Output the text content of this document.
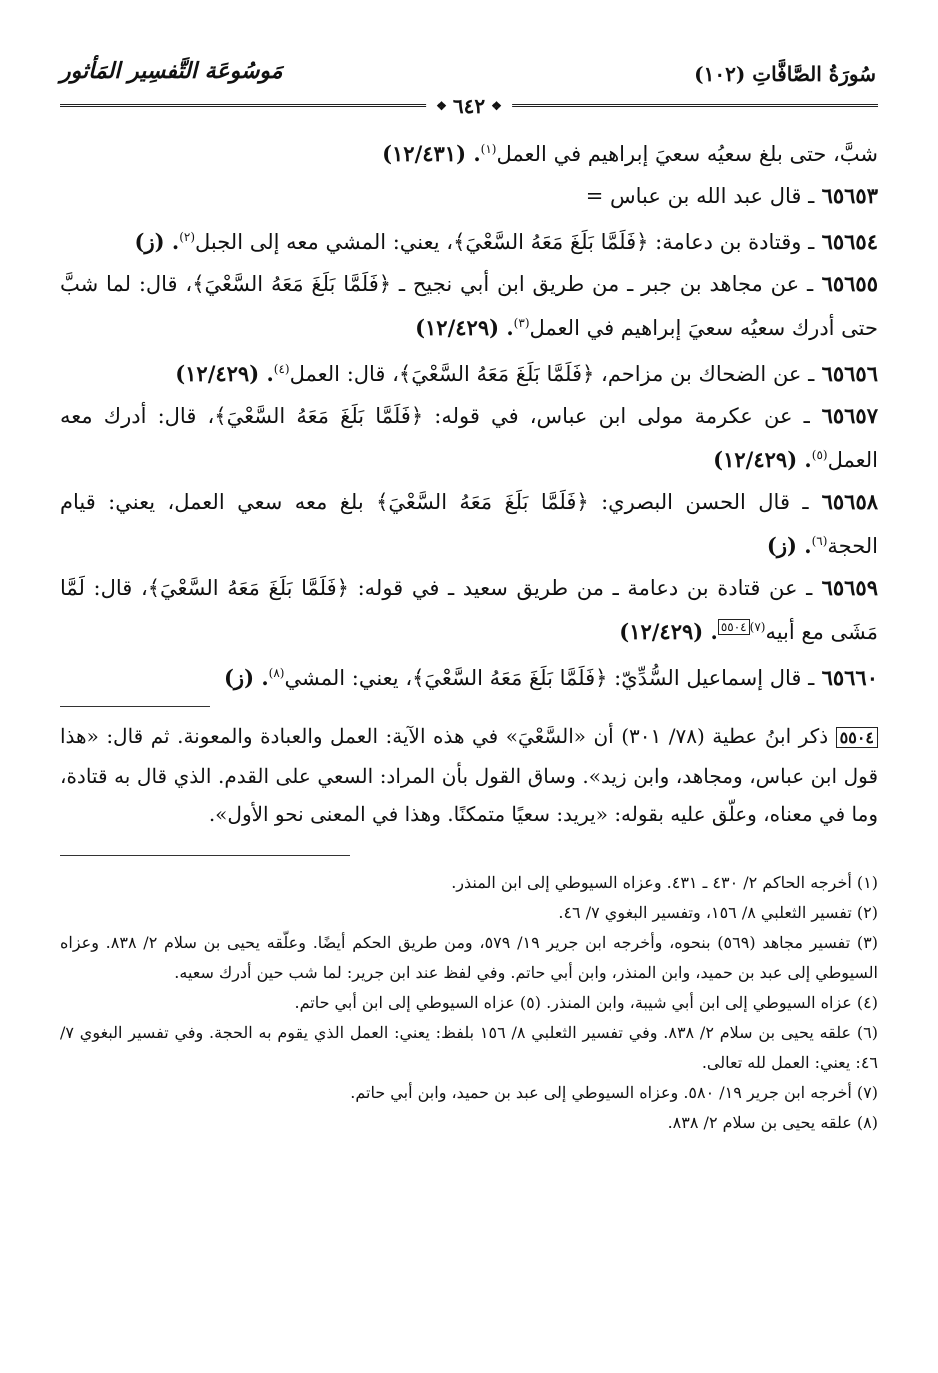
سُورَةُ الصَّافَّاتِ (١٠٢)
مَوسُوعَة التَّفسِير المَأثور
❖
٦٤٢
❖
شبَّ، حتى بلغ سعيُه سعيَ إبراهيم في العمل$^{(١)}$. (١٢/٤٣١)
٦٥٦٥٣ ـ قال عبد الله بن عباس =
٦٥٦٥٤ ـ وقتادة بن دعامة: ﴿فَلَمَّا بَلَغَ مَعَهُ السَّعْيَ﴾، يعني: المشي معه إلى الجبل$^{(٢)}$. (ز)
٦٥٦٥٥ ـ عن مجاهد بن جبر ـ من طريق ابن أبي نجيح ـ ﴿فَلَمَّا بَلَغَ مَعَهُ السَّعْيَ﴾، قال: لما شبَّ حتى أدرك سعيُه سعيَ إبراهيم في العمل$^{(٣)}$. (١٢/٤٢٩)
٦٥٦٥٦ ـ عن الضحاك بن مزاحم، ﴿فَلَمَّا بَلَغَ مَعَهُ السَّعْيَ﴾، قال: العمل$^{(٤)}$. (١٢/٤٢٩)
٦٥٦٥٧ ـ عن عكرمة مولى ابن عباس، في قوله: ﴿فَلَمَّا بَلَغَ مَعَهُ السَّعْيَ﴾، قال: أدرك معه العمل$^{(٥)}$. (١٢/٤٢٩)
٦٥٦٥٨ ـ قال الحسن البصري: ﴿فَلَمَّا بَلَغَ مَعَهُ السَّعْيَ﴾ بلغ معه سعي العمل، يعني: قيام الحجة$^{(٦)}$. (ز)
٦٥٦٥٩ ـ عن قتادة بن دعامة ـ من طريق سعيد ـ في قوله: ﴿فَلَمَّا بَلَغَ مَعَهُ السَّعْيَ﴾، قال: لَمَّا مَشَى مع أبيه$^{(٧)٥٥٠٤}$. (١٢/٤٢٩)
٦٥٦٦٠ ـ قال إسماعيل السُّدِّيّ: ﴿فَلَمَّا بَلَغَ مَعَهُ السَّعْيَ﴾، يعني: المشي$^{(٨)}$. (ز)
٥٥٠٤ ذكر ابنُ عطية (٧٨/ ٣٠١) أن «السَّعْيَ» في هذه الآية: العمل والعبادة والمعونة. ثم قال: «هذا قول ابن عباس، ومجاهد، وابن زيد». وساق القول بأن المراد: السعي على القدم. الذي قال به قتادة، وما في معناه، وعلّق عليه بقوله: «يريد: سعيًا متمكنًا. وهذا في المعنى نحو الأول».

(١) أخرجه الحاكم ٢/ ٤٣٠ ـ ٤٣١. وعزاه السيوطي إلى ابن المنذر.

(٢) تفسير الثعلبي ٨/ ١٥٦، وتفسير البغوي ٧/ ٤٦.

(٣) تفسير مجاهد (٥٦٩) بنحوه، وأخرجه ابن جرير ١٩/ ٥٧٩، ومن طريق الحكم أيضًا. وعلّقه يحيى بن سلام ٢/ ٨٣٨. وعزاه السيوطي إلى عبد بن حميد، وابن المنذر، وابن أبي حاتم. وفي لفظ عند ابن جرير: لما شب حين أدرك سعيه.

(٤) عزاه السيوطي إلى ابن أبي شيبة، وابن المنذر. (٥) عزاه السيوطي إلى ابن أبي حاتم.

(٦) علقه يحيى بن سلام ٢/ ٨٣٨. وفي تفسير الثعلبي ٨/ ١٥٦ بلفظ: يعني: العمل الذي يقوم به الحجة. وفي تفسير البغوي ٧/ ٤٦: يعني: العمل لله تعالى.

(٧) أخرجه ابن جرير ١٩/ ٥٨٠. وعزاه السيوطي إلى عبد بن حميد، وابن أبي حاتم.

(٨) علقه يحيى بن سلام ٢/ ٨٣٨.
